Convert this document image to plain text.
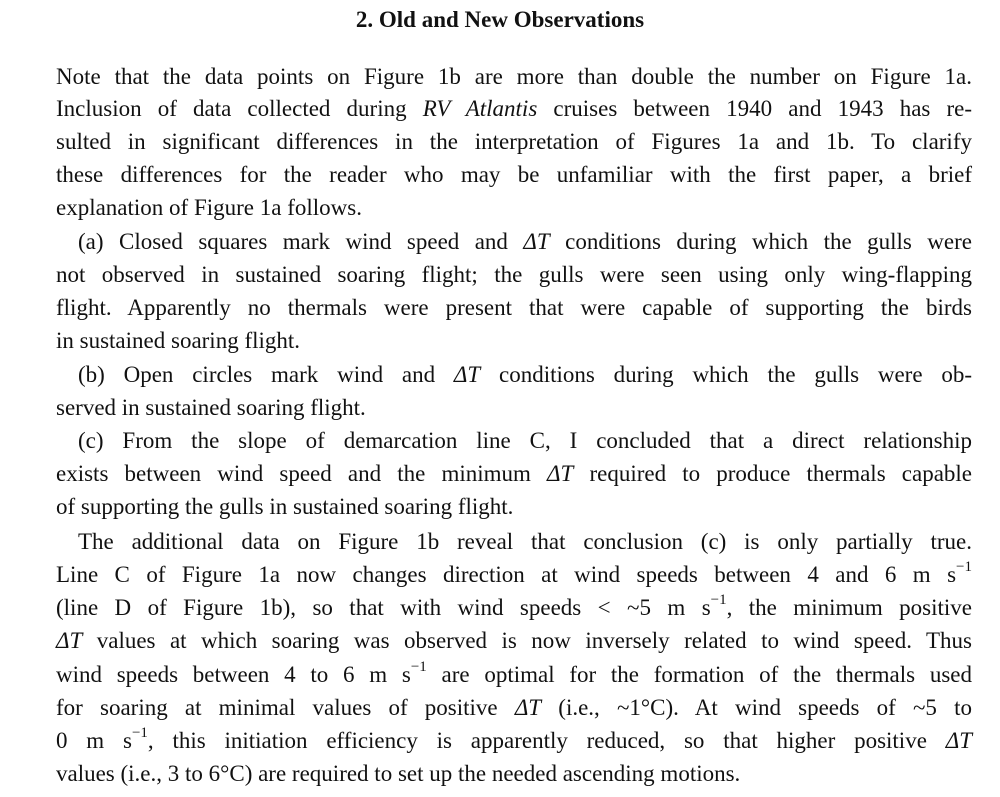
2. Old and New Observations
Note that the data points on Figure 1b are more than double the number on Figure 1a.
Inclusion of data collected during RV Atlantis cruises between 1940 and 1943 has re-
sulted in significant differences in the interpretation of Figures 1a and 1b. To clarify
these differences for the reader who may be unfamiliar with the first paper, a brief
explanation of Figure 1a follows.
(a) Closed squares mark wind speed and ΔT conditions during which the gulls were
not observed in sustained soaring flight; the gulls were seen using only wing-flapping
flight. Apparently no thermals were present that were capable of supporting the birds
in sustained soaring flight.
(b) Open circles mark wind and ΔT conditions during which the gulls were ob-
served in sustained soaring flight.
(c) From the slope of demarcation line C, I concluded that a direct relationship
exists between wind speed and the minimum ΔT required to produce thermals capable
of supporting the gulls in sustained soaring flight.
The additional data on Figure 1b reveal that conclusion (c) is only partially true.
Line C of Figure 1a now changes direction at wind speeds between 4 and 6 m $s^{-1}$
(line D of Figure 1b), so that with wind speeds < ~5 m $s^{-1}$, the minimum positive
ΔT values at which soaring was observed is now inversely related to wind speed. Thus
wind speeds between 4 to 6 m $s^{-1}$ are optimal for the formation of the thermals used
for soaring at minimal values of positive ΔT (i.e., ~1°C). At wind speeds of ~5 to
0 m $s^{-1}$, this initiation efficiency is apparently reduced, so that higher positive ΔT
values (i.e., 3 to 6°C) are required to set up the needed ascending motions.
